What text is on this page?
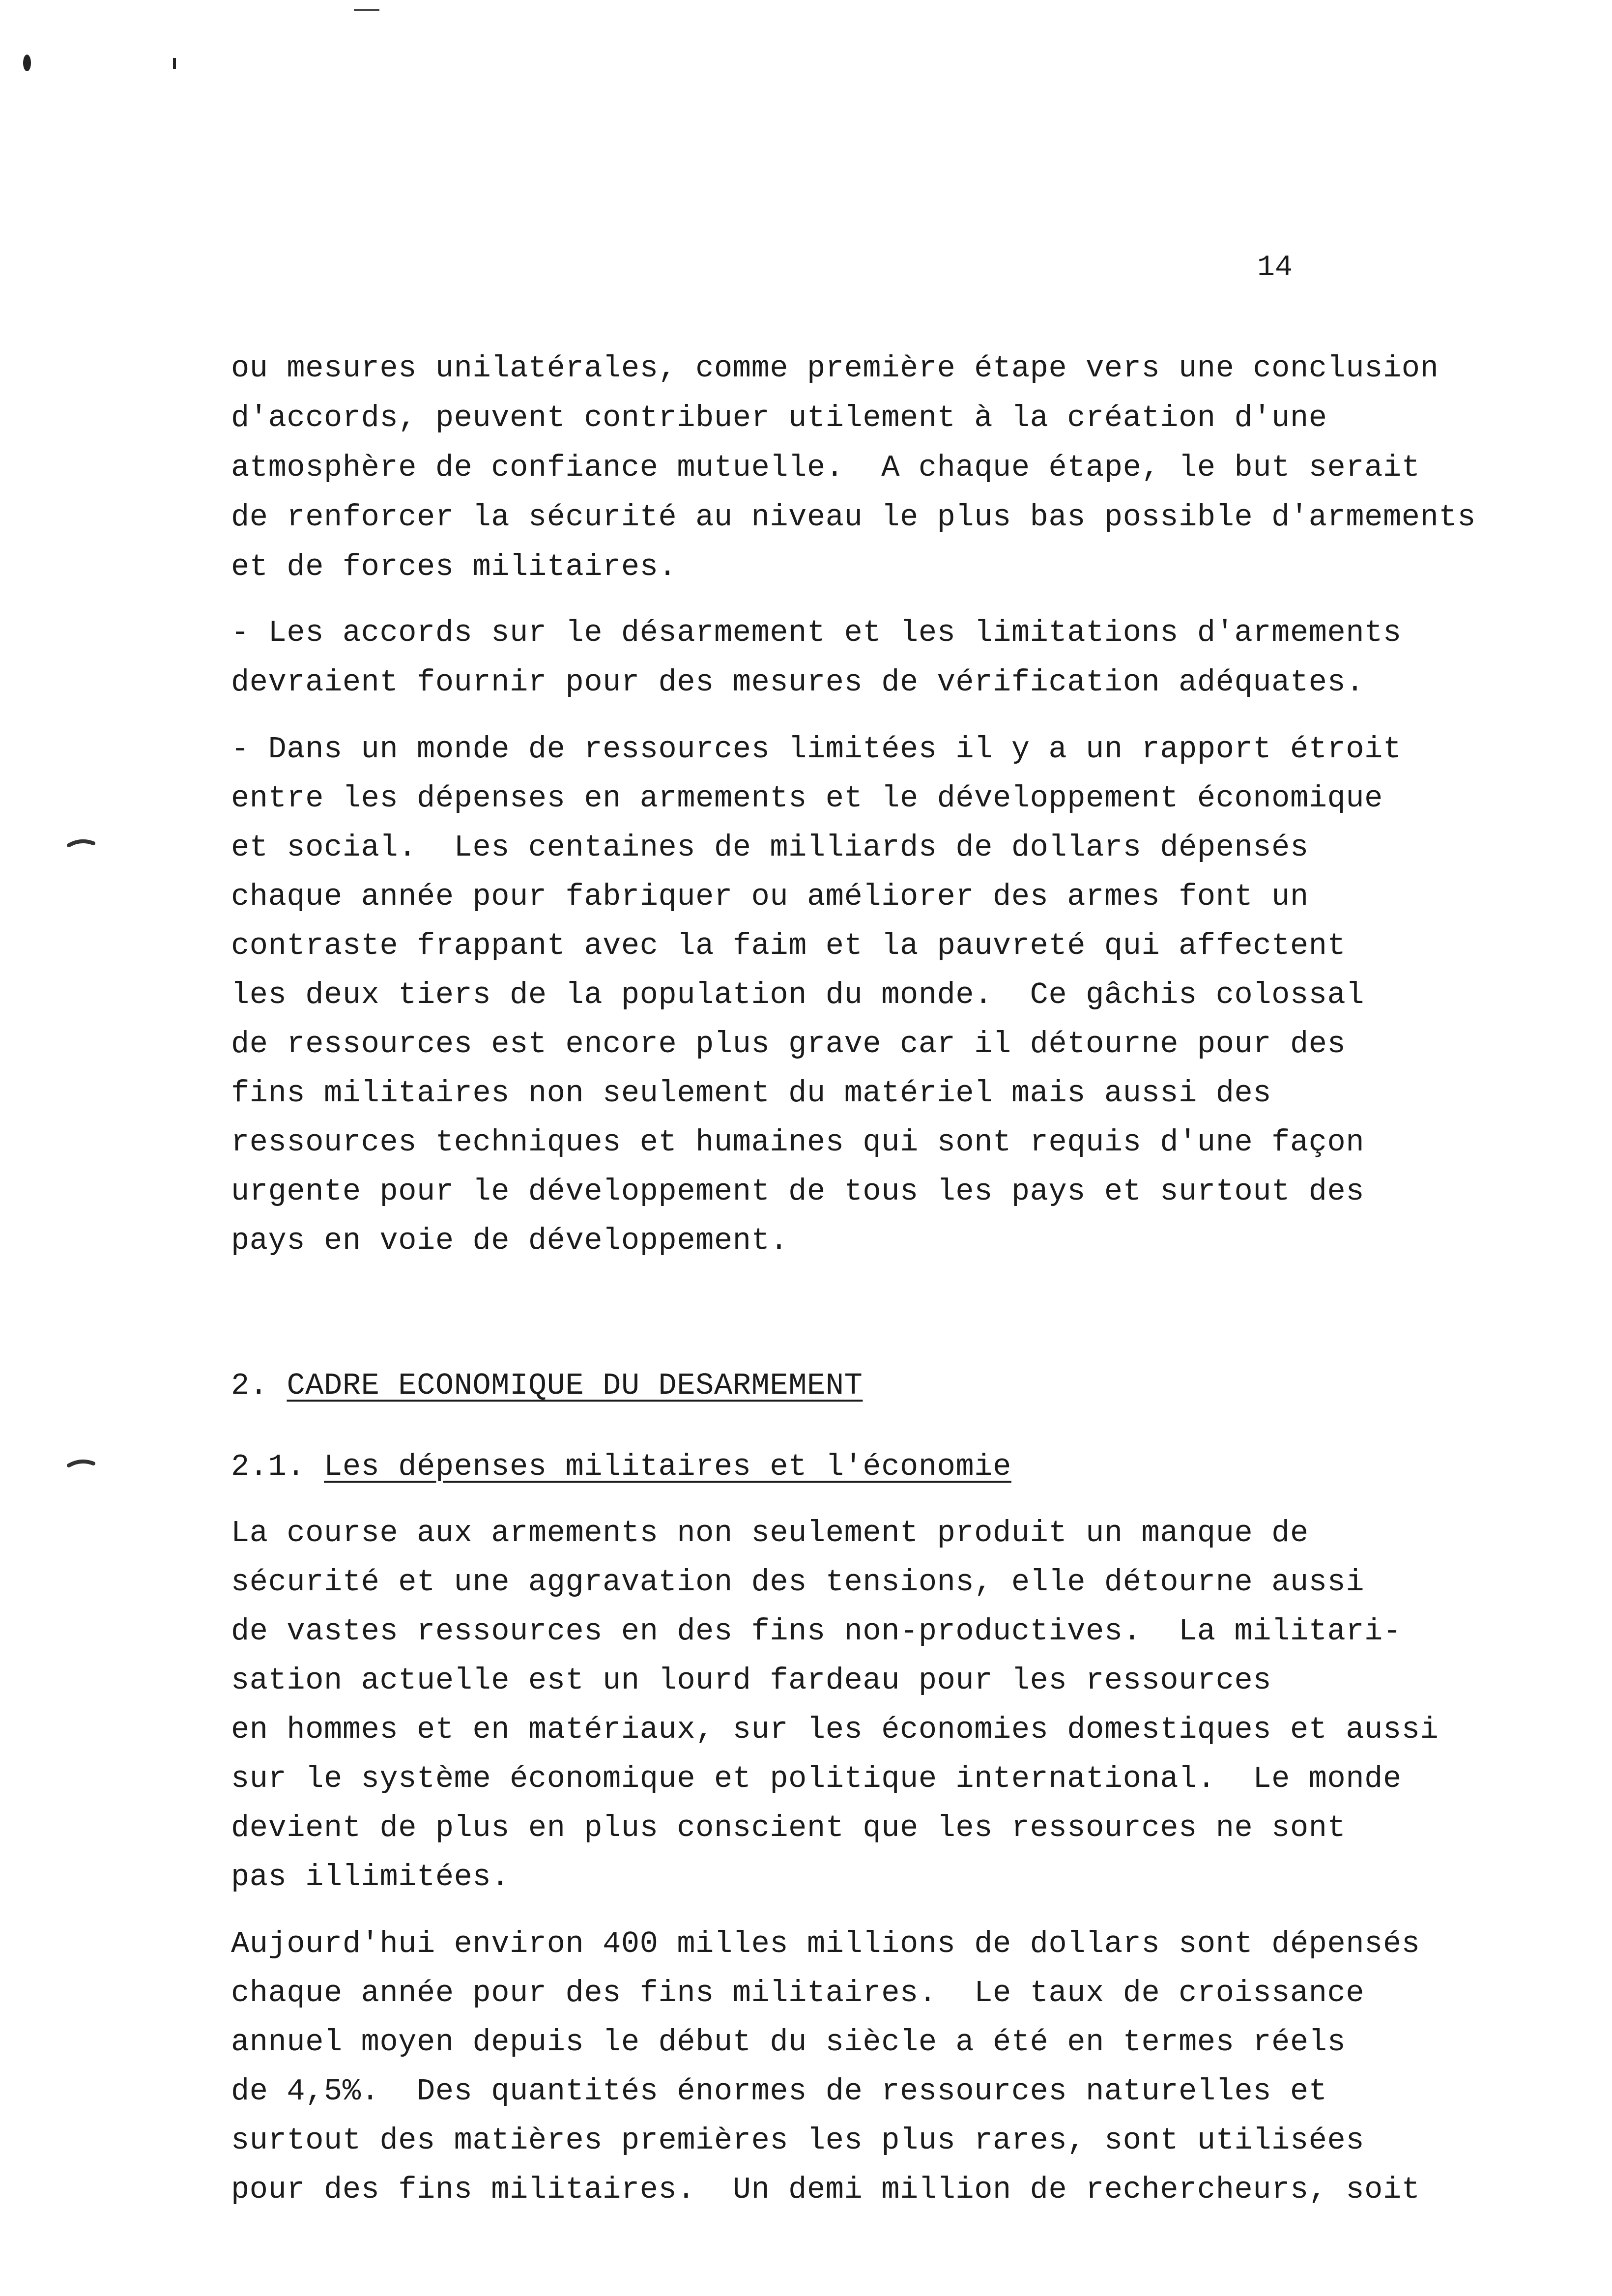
14
ou mesures unilatérales, comme première étape vers une conclusion
d'accords, peuvent contribuer utilement à la création d'une
atmosphère de confiance mutuelle.  A chaque étape, le but serait
de renforcer la sécurité au niveau le plus bas possible d'armements
et de forces militaires.
- Les accords sur le désarmement et les limitations d'armements
devraient fournir pour des mesures de vérification adéquates.
- Dans un monde de ressources limitées il y a un rapport étroit
entre les dépenses en armements et le développement économique
et social.  Les centaines de milliards de dollars dépensés
chaque année pour fabriquer ou améliorer des armes font un
contraste frappant avec la faim et la pauvreté qui affectent
les deux tiers de la population du monde.  Ce gâchis colossal
de ressources est encore plus grave car il détourne pour des
fins militaires non seulement du matériel mais aussi des
ressources techniques et humaines qui sont requis d'une façon
urgente pour le développement de tous les pays et surtout des
pays en voie de développement.
2. CADRE ECONOMIQUE DU DESARMEMENT
2.1. Les dépenses militaires et l'économie
La course aux armements non seulement produit un manque de
sécurité et une aggravation des tensions, elle détourne aussi
de vastes ressources en des fins non-productives.  La militari-
sation actuelle est un lourd fardeau pour les ressources
en hommes et en matériaux, sur les économies domestiques et aussi
sur le système économique et politique international.  Le monde
devient de plus en plus conscient que les ressources ne sont
pas illimitées.
Aujourd'hui environ 400 milles millions de dollars sont dépensés
chaque année pour des fins militaires.  Le taux de croissance
annuel moyen depuis le début du siècle a été en termes réels
de 4,5%.  Des quantités énormes de ressources naturelles et
surtout des matières premières les plus rares, sont utilisées
pour des fins militaires.  Un demi million de rechercheurs, soit
